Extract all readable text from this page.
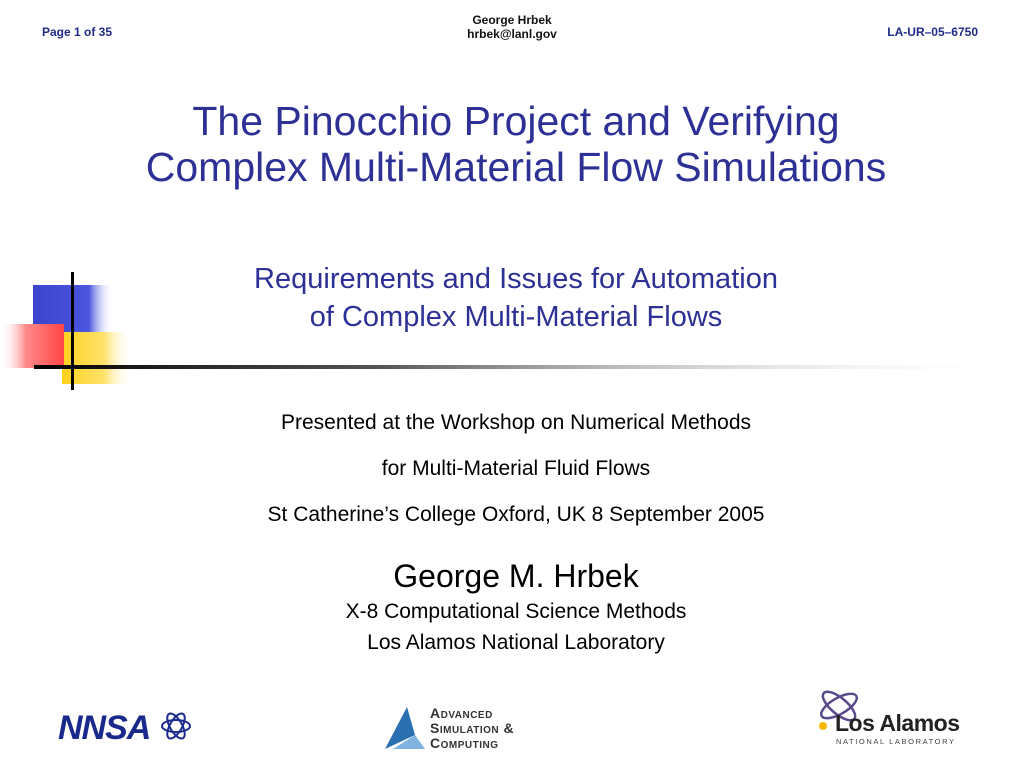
Page 1 of 35
George Hrbek
hrbek@lanl.gov	LA-UR–05–6750
The Pinocchio Project and Verifying
Complex Multi-Material Flow Simulations
Requirements and Issues for Automation
of Complex Multi-Material Flows
Presented at the Workshop on Numerical Methods
for Multi-Material Fluid Flows
St Catherine’s College Oxford, UK 8 September 2005
George M. Hrbek
X-8 Computational Science Methods
Los Alamos National Laboratory
NNSA	Advanced
Simulation &
Computing
Los Alamos
NATIONAL LABORATORY
